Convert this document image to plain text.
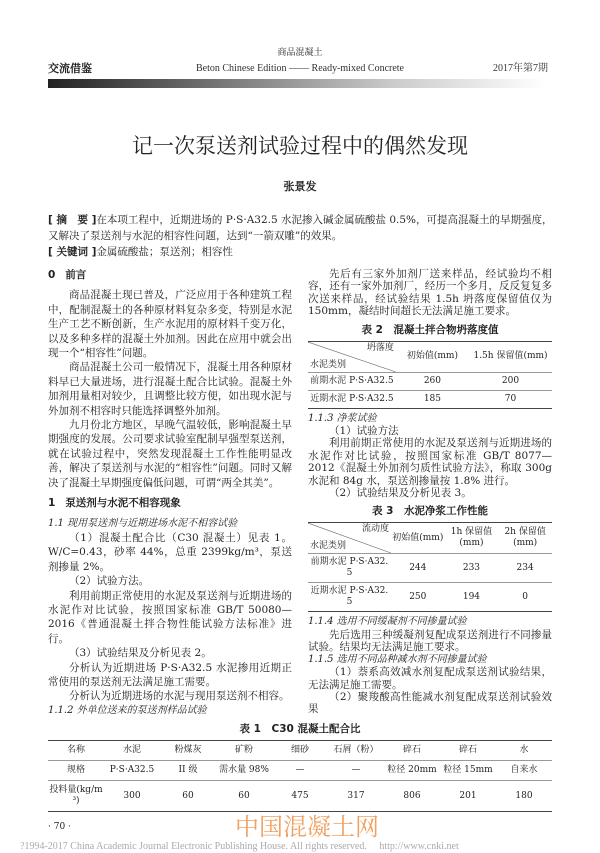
商品混凝土
交流借鉴	Beton Chinese Edition —— Ready-mixed Concrete	2017年第7期
记一次泵送剂试验过程中的偶然发现
张景发
[ 摘　要 ]在本项工程中，近期进场的 P·S·A32.5 水泥掺入碱金属硫酸盐 0.5%，可提高混凝土的早期强度，又解决了泵送剂与水泥的相容性问题，达到“一箭双雕”的效果。
[ 关键词 ]金属硫酸盐；泵送剂；相容性
0 前言

商品混凝土现已普及，广泛应用于各种建筑工程中，配制混凝土的各种原材料复杂多变，特别是水泥生产工艺不断创新，生产水泥用的原材料千变万化，以及多种多样的混凝土外加剂。因此在应用中就会出现一个“相容性”问题。

商品混凝土公司一般情况下，混凝土用各种原材料早已大量进场，进行混凝土配合比试验。混凝土外加剂用量相对较少，且调整比较方便，如出现水泥与外加剂不相容时只能选择调整外加剂。

九月份北方地区，早晚气温较低，影响混凝土早期强度的发展。公司要求试验室配制早强型泵送剂，就在试验过程中，突然发现混凝土工作性能明显改善，解决了泵送剂与水泥的“相容性”问题。同时又解决了混凝土早期强度偏低问题，可谓“两全其美”。

1 泵送剂与水泥不相容现象
1.1 现用泵送剂与近期进场水泥不相容试验

（1）混凝土配合比（C30 混凝土）见表 1。W/C=0.43，砂率 44%，总重 2399kg/m³，泵送剂掺量 2%。

（2）试验方法。

利用前期正常使用的水泥及泵送剂与近期进场的水泥作对比试验，按照国家标准 GB/T 50080—2016《普通混凝土拌合物性能试验方法标准》进行。

（3）试验结果及分析见表 2。

分析认为近期进场 P·S·A32.5 水泥掺用近期正常使用的泵送剂无法满足施工需要。

分析认为近期进场的水泥与现用泵送剂不相容。

1.1.2 外单位送来的泵送剂样品试验

先后有三家外加剂厂送来样品，经试验均不相容，还有一家外加剂厂，经历一个多月，反反复复多次送来样品，经试验结果 1.5h 坍落度保留值仅为 150mm，凝结时间超长无法满足施工要求。

表 2　混凝土拌合物坍落度值
坍落度
水泥类别	初始值(mm)	1.5h 保留值(mm)
前期水泥 P·S·A32.5	260	200
近期水泥 P·S·A32.5	185	70
1.1.3 净浆试验

（1）试验方法

利用前期正常使用的水泥及泵送剂与近期进场的水泥作对比试验，按照国家标准 GB/T 8077—2012《混凝土外加剂匀质性试验方法》，称取 300g 水泥和 84g 水，泵送剂掺量按 1.8% 进行。

（2）试验结果及分析见表 3。

表 3　水泥净浆工作性能
流动度
水泥类别	初始值(mm)	1h 保留值(mm)	2h 保留值(mm)
前期水泥 P·S·A32.5	244	233	234
近期水泥 P·S·A32.5	250	194	0
1.1.4 选用不同缓凝剂不同掺量试验

先后选用三种缓凝剂复配成泵送剂进行不同掺量试验。结果均无法满足施工要求。

1.1.5 选用不同品种减水剂不同掺量试验

（1）萘系高效减水剂复配成泵送剂试验结果，无法满足施工需要。

（2）聚羧酸高性能减水剂复配成泵送剂试验效果

表 1　C30 混凝土配合比
名称	水泥	粉煤灰	矿粉	细砂	石屑（粉）	碎石	碎石	水
规格	P·S·A32.5	II 级	需水量 98%	—	—	粒径 20mm	粒径 15mm	自来水
投料量(kg/m³)	300	60	60	475	317	806	201	180
· 70 ·	中国混凝土网
?1994-2017 China Academic Journal Electronic Publishing House. All rights reserved.　 http://www.cnki.net
